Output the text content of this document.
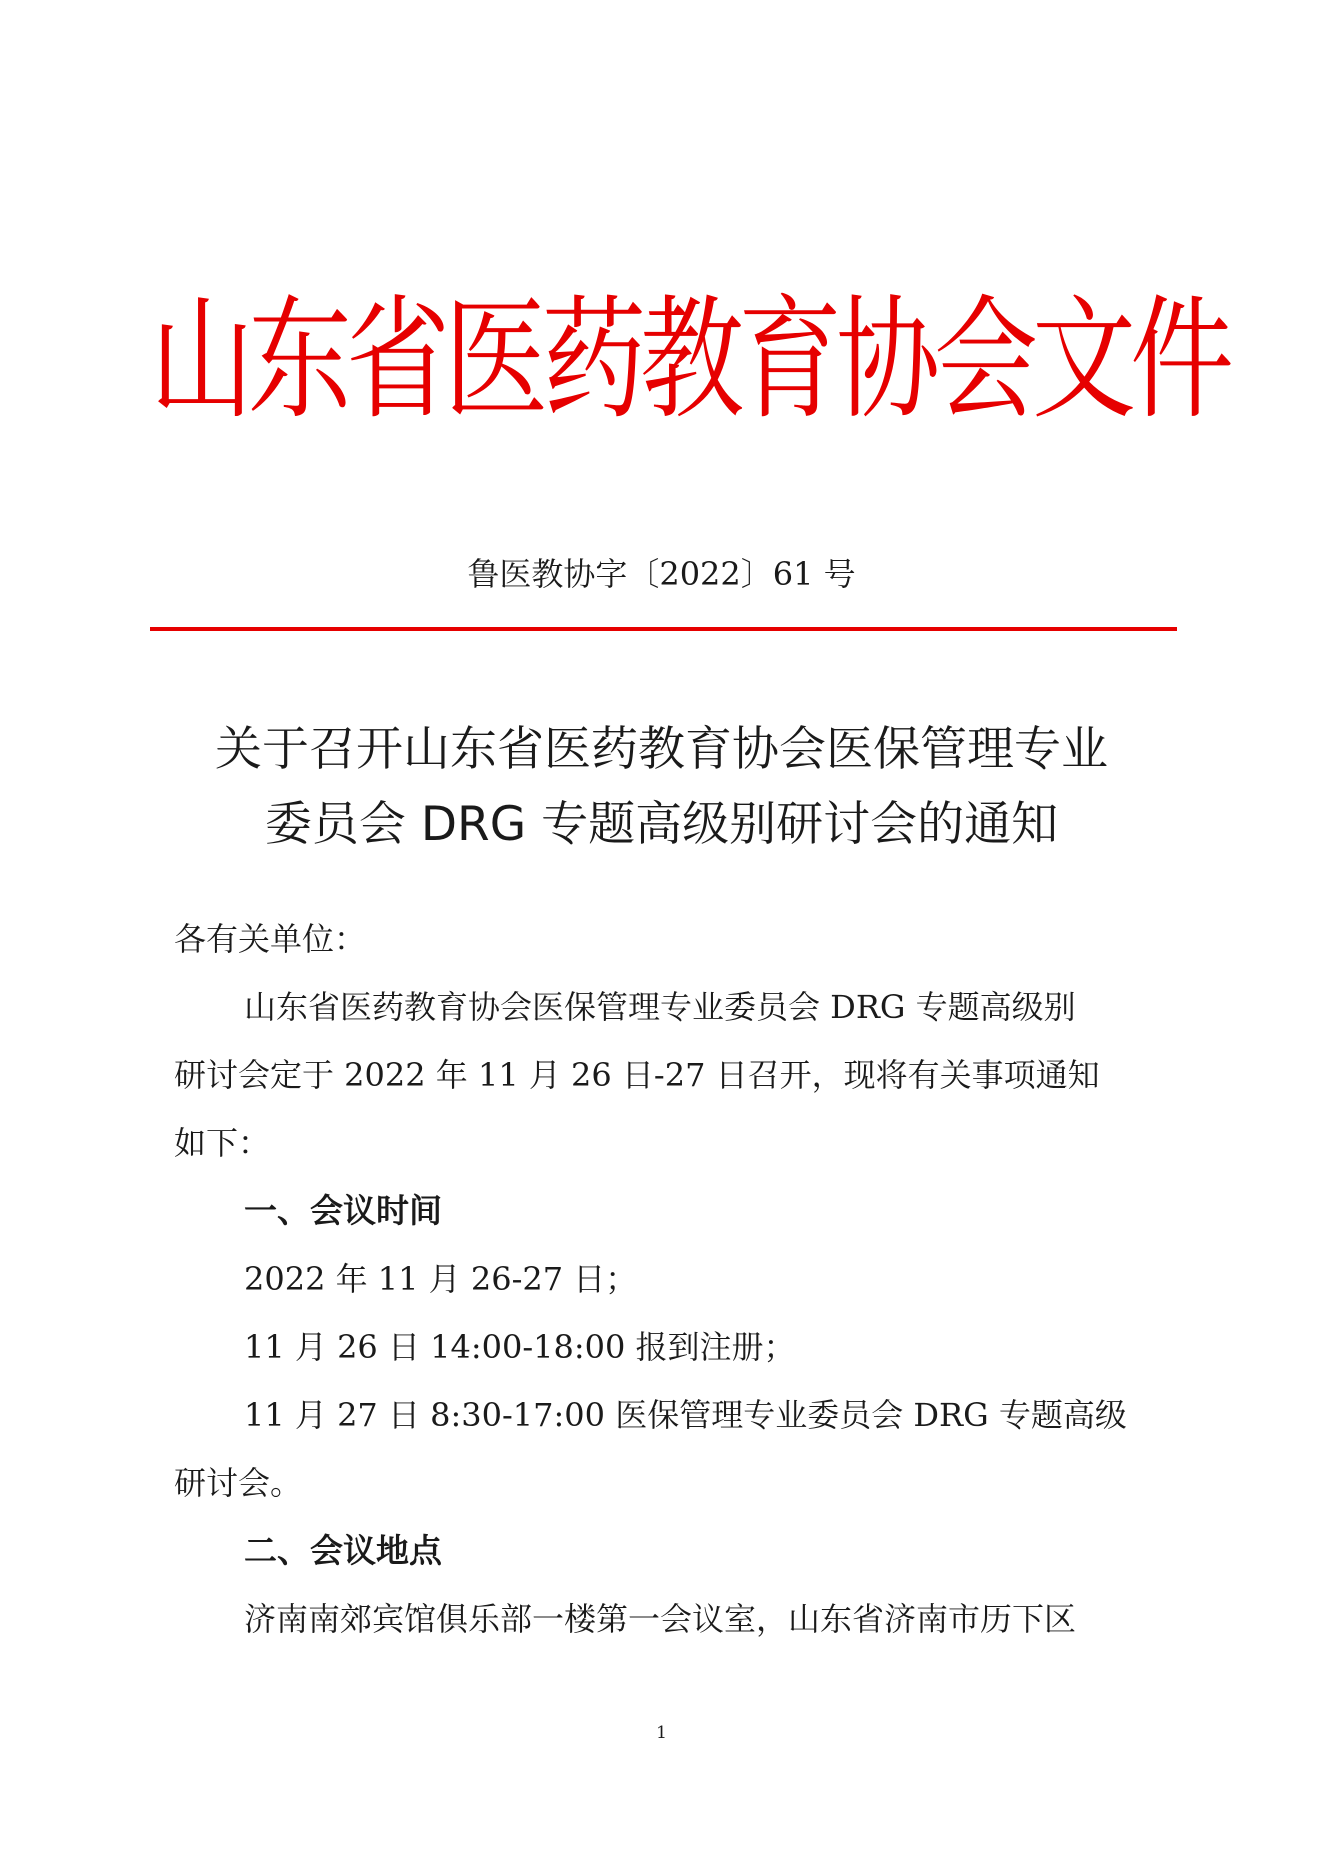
山东省医药教育协会文件
鲁医教协字〔2022〕61 号
关于召开山东省医药教育协会医保管理专业
委员会 DRG 专题高级别研讨会的通知
各有关单位：
山东省医药教育协会医保管理专业委员会 DRG 专题高级别
研讨会定于 2022 年 11 月 26 日-27 日召开，现将有关事项通知
如下：
一、会议时间
2022 年 11 月 26-27 日；
11 月 26 日 14:00-18:00 报到注册；
11 月 27 日 8:30-17:00 医保管理专业委员会 DRG 专题高级
研讨会。
二、会议地点
济南南郊宾馆俱乐部一楼第一会议室，山东省济南市历下区
1
